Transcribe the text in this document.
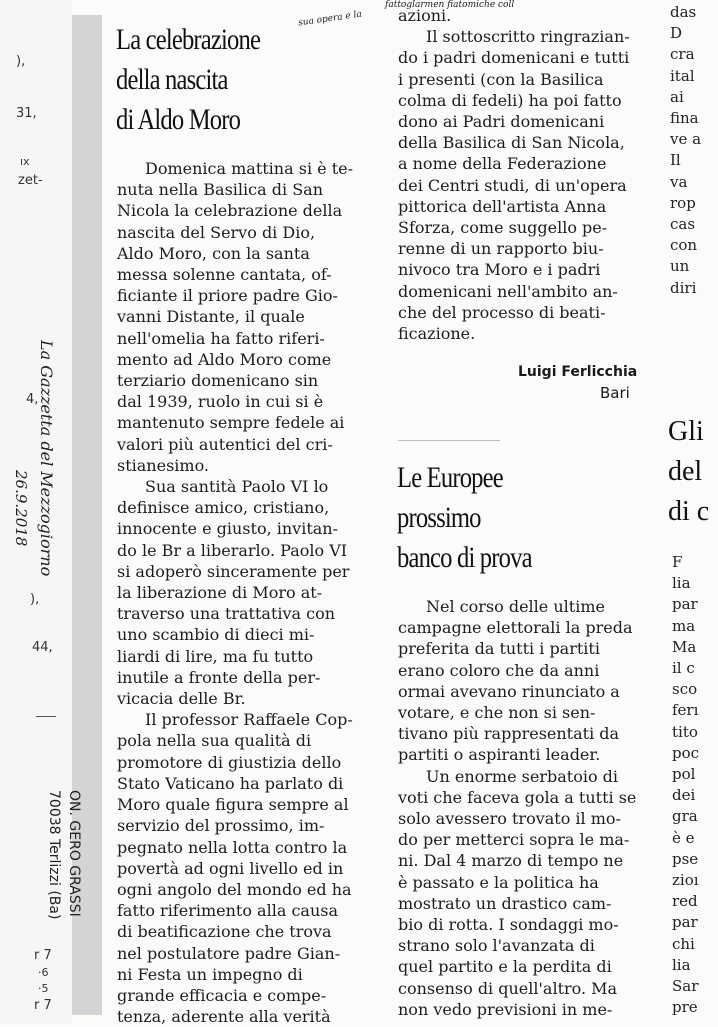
),
31,
ıx
zet-
4,
),
44,
r 7
·6
·5
r 7
La Gazzetta del Mezzogiorno
26.9.2018
ON. GERO GRASSI
70038 Terlizzi (Ba)
sua opera e la
fattoglarmen fiatomiche coll
La celebrazione
della nascita
di Aldo Moro
Domenica mattina si è te-
nuta nella Basilica di San
Nicola la celebrazione della
nascita del Servo di Dio,
Aldo Moro, con la santa
messa solenne cantata, of-
ficiante il priore padre Gio-
vanni Distante, il quale
nell'omelia ha fatto riferi-
mento ad Aldo Moro come
terziario domenicano sin
dal 1939, ruolo in cui si è
mantenuto sempre fedele ai
valori più autentici del cri-
stianesimo.
Sua santità Paolo VI lo
definisce amico, cristiano,
innocente e giusto, invitan-
do le Br a liberarlo. Paolo VI
si adoperò sinceramente per
la liberazione di Moro at-
traverso una trattativa con
uno scambio di dieci mi-
liardi di lire, ma fu tutto
inutile a fronte della per-
vicacia delle Br.
Il professor Raffaele Cop-
pola nella sua qualità di
promotore di giustizia dello
Stato Vaticano ha parlato di
Moro quale figura sempre al
servizio del prossimo, im-
pegnato nella lotta contro la
povertà ad ogni livello ed in
ogni angolo del mondo ed ha
fatto riferimento alla causa
di beatificazione che trova
nel postulatore padre Gian-
ni Festa un impegno di
grande efficacia e compe-
tenza, aderente alla verità
azioni.
Il sottoscritto ringrazian-
do i padri domenicani e tutti
i presenti (con la Basilica
colma di fedeli) ha poi fatto
dono ai Padri domenicani
della Basilica di San Nicola,
a nome della Federazione
dei Centri studi, di un'opera
pittorica dell'artista Anna
Sforza, come suggello pe-
renne di un rapporto biu-
nivoco tra Moro e i padri
domenicani nell'ambito an-
che del processo di beati-
ficazione.
Luigi Ferlicchia
Bari
Le Europee
prossimo
banco di prova
Nel corso delle ultime
campagne elettorali la preda
preferita da tutti i partiti
erano coloro che da anni
ormai avevano rinunciato a
votare, e che non si sen-
tivano più rappresentati da
partiti o aspiranti leader.
Un enorme serbatoio di
voti che faceva gola a tutti se
solo avessero trovato il mo-
do per metterci sopra le ma-
ni. Dal 4 marzo di tempo ne
è passato e la politica ha
mostrato un drastico cam-
bio di rotta. I sondaggi mo-
strano solo l'avanzata di
quel partito e la perdita di
consenso di quell'altro. Ma
non vedo previsioni in me-
das
D
cra
ital
ai
fina
ve a
Il
va
rop
cas
con
un
diri
Gli
del
di c
F
lia
par
ma
Ma
il c
sco
ferı
tito
poc
pol
dei
gra
è e
pse
zioı
red
par
chi
lia
Sar
pre
